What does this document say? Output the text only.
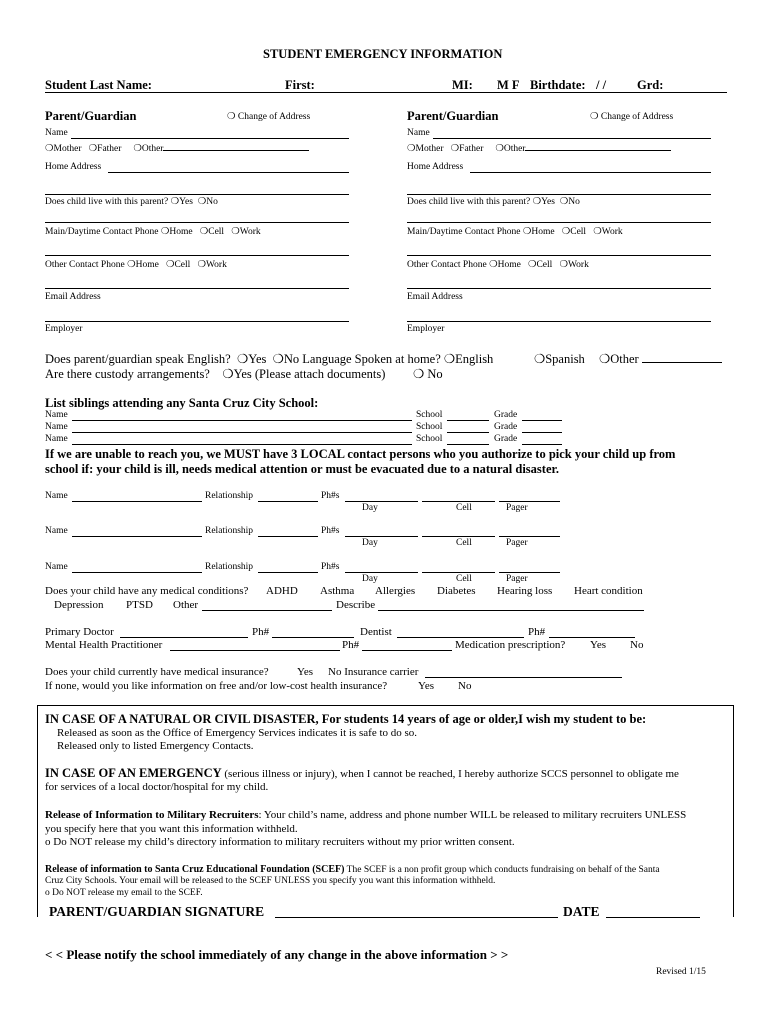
STUDENT EMERGENCY INFORMATION
Student Last Name:	First:	MI: M F Birthdate: / / Grd:
Parent/Guardian	❍ Change of Address
Name
❍Mother ❍Father ❍Other
Home Address
Does child live with this parent? ❍Yes ❍No
Main/Daytime Contact Phone ❍Home ❍Cell ❍Work
Other Contact Phone ❍Home ❍Cell ❍Work
Email Address
Employer
Parent/Guardian	❍ Change of Address
Name
❍Mother ❍Father ❍Other
Home Address
Does child live with this parent? ❍Yes ❍No
Main/Daytime Contact Phone ❍Home ❍Cell ❍Work
Other Contact Phone ❍Home ❍Cell ❍Work
Email Address
Employer
Does parent/guardian speak English? ❍Yes ❍No Language Spoken at home? ❍English	❍Spanish ❍Other
Are there custody arrangements? ❍Yes (Please attach documents) ❍ No
List siblings attending any Santa Cruz City School:
Name	School	Grade
Name	School	Grade
Name	School	Grade
If we are unable to reach you, we MUST have 3 LOCAL contact persons who you authorize to pick your child up from
school if: your child is ill, needs medical attention or must be evacuated due to a natural disaster.
Name	Relationship	Ph#s
Day	Cell	Pager
Name	Relationship	Ph#s
Day	Cell	Pager
Name	Relationship	Ph#s
Day	Cell	Pager
Does your child have any medical conditions? ADHD Asthma Allergies Diabetes Hearing loss Heart condition
Depression PTSD Other	Describe
Primary Doctor	Ph#	Dentist	Ph#
Mental Health Practitioner	Ph#	Medication prescription? Yes No
Does your child currently have medical insurance?	Yes No Insurance carrier
If none, would you like information on free and/or low-cost health insurance?	Yes No
IN CASE OF A NATURAL OR CIVIL DISASTER, For students 14 years of age or older,I wish my student to be:
Released as soon as the Office of Emergency Services indicates it is safe to do so.
Released only to listed Emergency Contacts.
IN CASE OF AN EMERGENCY (serious illness or injury), when I cannot be reached, I hereby authorize SCCS personnel to obligate me
for services of a local doctor/hospital for my child.
Release of Information to Military Recruiters: Your child’s name, address and phone number WILL be released to military recruiters UNLESS
you specify here that you want this information withheld.
o Do NOT release my child’s directory information to military recruiters without my prior written consent.
Release of information to Santa Cruz Educational Foundation (SCEF) The SCEF is a non profit group which conducts fundraising on behalf of the Santa
Cruz City Schools. Your email will be released to the SCEF UNLESS you specify you want this information withheld.
o Do NOT release my email to the SCEF.
PARENT/GUARDIAN SIGNATURE	DATE
< < Please notify the school immediately of any change in the above information > >
Revised 1/15
